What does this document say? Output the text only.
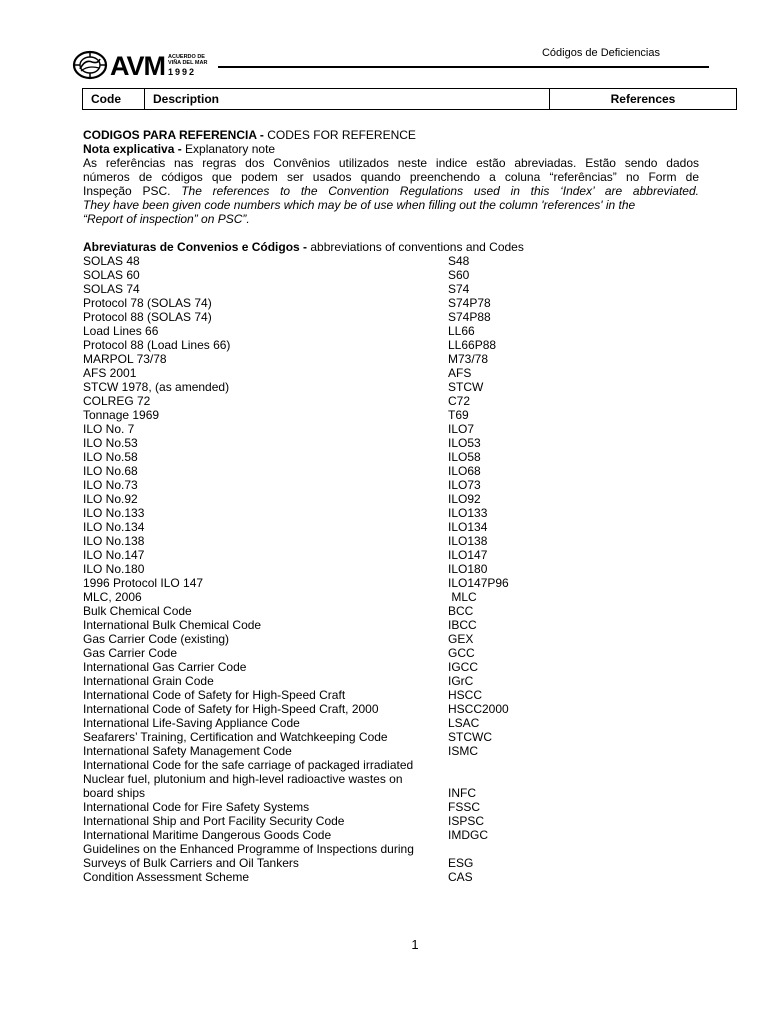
Códigos de Deficiencias
AVM ACUERDO DE
VIÑA DEL MAR
1992
Code	Description	References
CODIGOS PARA REFERENCIA - CODES FOR REFERENCE
Nota explicativa - Explanatory note
As referências nas regras dos Convênios utilizados neste indice estão abreviadas. Estão sendo dados
números de códigos que podem ser usados quando preenchendo a coluna “referências” no Form de
Inspeção PSC. The references to the Convention Regulations used in this ‘Index’ are abbreviated.
They have been given code numbers which may be of use when filling out the column 'references' in the
“Report of inspection” on PSC”.
Abreviaturas de Convenios e Códigos - abbreviations of conventions and Codes
SOLAS 48	S48
SOLAS 60	S60
SOLAS 74	S74
Protocol 78 (SOLAS 74)	S74P78
Protocol 88 (SOLAS 74)	S74P88
Load Lines 66	LL66
Protocol 88 (Load Lines 66)	LL66P88
MARPOL 73/78	M73/78
AFS 2001	AFS
STCW 1978, (as amended)	STCW
COLREG 72	C72
Tonnage 1969	T69
ILO No. 7	ILO7
ILO No.53	ILO53
ILO No.58	ILO58
ILO No.68	ILO68
ILO No.73	ILO73
ILO No.92	ILO92
ILO No.133	ILO133
ILO No.134	ILO134
ILO No.138	ILO138
ILO No.147	ILO147
ILO No.180	ILO180
1996 Protocol ILO 147	ILO147P96
MLC, 2006	MLC
Bulk Chemical Code	BCC
International Bulk Chemical Code	IBCC
Gas Carrier Code (existing)	GEX
Gas Carrier Code	GCC
International Gas Carrier Code	IGCC
International Grain Code	IGrC
International Code of Safety for High-Speed Craft	HSCC
International Code of Safety for High-Speed Craft, 2000	HSCC2000
International Life-Saving Appliance Code	LSAC
Seafarers’ Training, Certification and Watchkeeping Code	STCWC
International Safety Management Code	ISMC
International Code for the safe carriage of packaged irradiated
Nuclear fuel, plutonium and high-level radioactive wastes on
board ships	INFC
International Code for Fire Safety Systems	FSSC
International Ship and Port Facility Security Code	ISPSC
International Maritime Dangerous Goods Code	IMDGC
Guidelines on the Enhanced Programme of Inspections during
Surveys of Bulk Carriers and Oil Tankers	ESG
Condition Assessment Scheme	CAS
1
